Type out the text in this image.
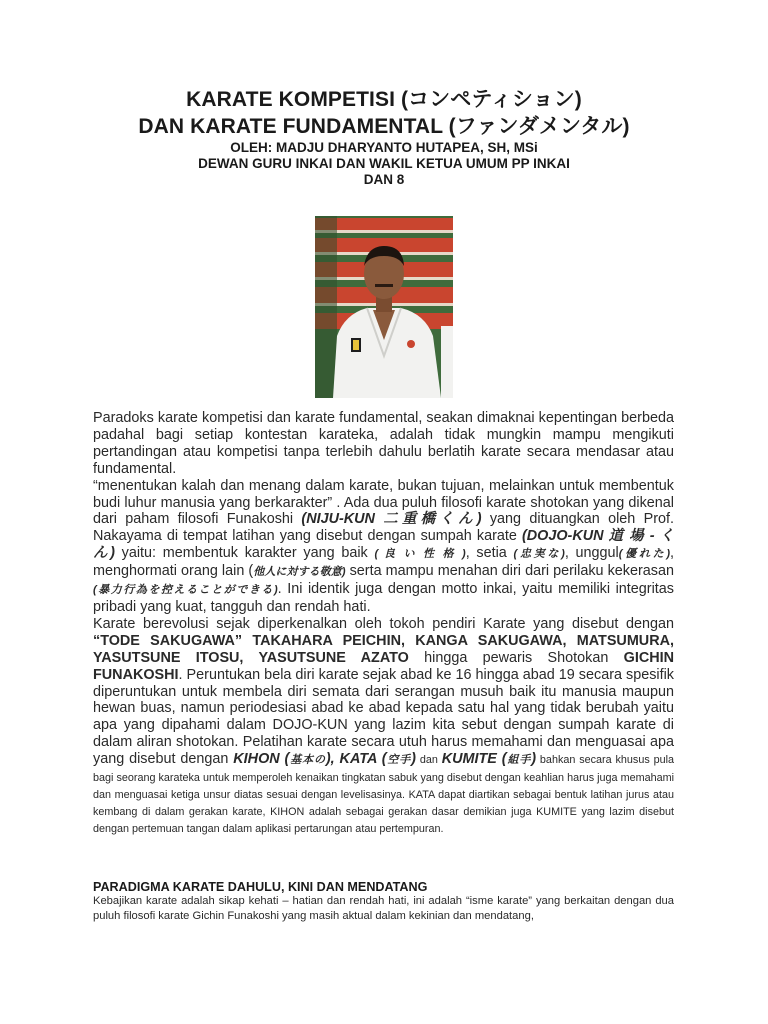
KARATE KOMPETISI (コンペティション)

DAN KARATE FUNDAMENTAL (ファンダメンタル)

OLEH: MADJU DHARYANTO HUTAPEA, SH, MSi

DEWAN GURU INKAI DAN WAKIL KETUA UMUM PP INKAI

DAN 8

Paradoks karate kompetisi dan karate fundamental, seakan dimaknai kepentingan berbeda padahal bagi setiap kontestan karateka, adalah tidak mungkin mampu mengikuti pertandingan atau kompetisi tanpa terlebih dahulu berlatih karate secara mendasar atau fundamental.

“menentukan kalah dan menang dalam karate, bukan tujuan, melainkan untuk membentuk budi luhur manusia yang berkarakter” . Ada dua puluh filosofi karate shotokan yang dikenal dari paham filosofi Funakoshi (NIJU-KUN 二重橋くん) yang dituangkan oleh Prof. Nakayama di tempat latihan yang disebut dengan sumpah karate (DOJO-KUN 道 場 - く ん) yaitu: membentuk karakter yang baik ( 良 い 性 格 ), setia (忠実な), unggul(優れた), menghormati orang lain (他人に対する敬意) serta mampu menahan diri dari perilaku kekerasan (暴力行為を控えることができる). Ini identik juga dengan motto inkai, yaitu memiliki integritas pribadi yang kuat, tangguh dan rendah hati.

Karate berevolusi sejak diperkenalkan oleh tokoh pendiri Karate yang disebut dengan “TODE SAKUGAWA” TAKAHARA PEICHIN, KANGA SAKUGAWA, MATSUMURA, YASUTSUNE ITOSU, YASUTSUNE AZATO hingga pewaris Shotokan GICHIN FUNAKOSHI. Peruntukan bela diri karate sejak abad ke 16 hingga abad 19 secara spesifik diperuntukan untuk membela diri semata dari serangan musuh baik itu manusia maupun hewan buas, namun periodesiasi abad ke abad kepada satu hal yang tidak berubah yaitu apa yang dipahami dalam DOJO-KUN yang lazim kita sebut dengan sumpah karate di dalam aliran shotokan. Pelatihan karate secara utuh harus memahami dan menguasai apa yang disebut dengan KIHON (基本の), KATA (空手) dan KUMITE (組手) bahkan secara khusus pula bagi seorang karateka untuk memperoleh kenaikan tingkatan sabuk yang disebut dengan keahlian harus juga memahami dan menguasai ketiga unsur diatas sesuai dengan levelisasinya. KATA dapat diartikan sebagai bentuk latihan jurus atau kembang di dalam gerakan karate, KIHON adalah sebagai gerakan dasar demikian juga KUMITE yang lazim disebut dengan pertemuan tangan dalam aplikasi pertarungan atau pertempuran.

PARADIGMA KARATE DAHULU, KINI DAN MENDATANG
Kebajikan karate adalah sikap kehati – hatian dan rendah hati, ini adalah “isme karate” yang berkaitan dengan dua puluh filosofi karate Gichin Funakoshi yang masih aktual dalam kekinian dan mendatang,
